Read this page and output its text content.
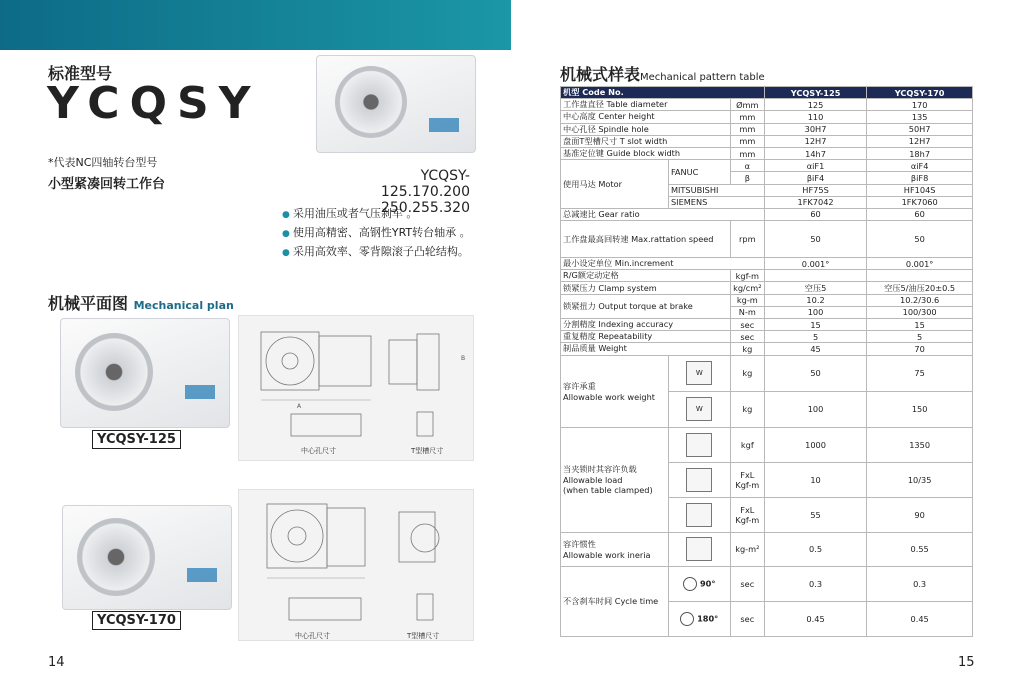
标准型号
YCQSY
*代表NC四轴转台型号
小型紧凑回转工作台
YCQSY-125.170.200
250.255.320
● 采用油压或者气压刹车 。
● 使用高精密、高钢性YRT转台轴承 。
● 采用高效率、零背隙滚子凸轮结构。
机械平面图 Mechanical plan
YCQSY-125
A
B
中心孔尺寸	T型槽尺寸
YCQSY-170
中心孔尺寸	T型槽尺寸
14
机械式样表Mechanical pattern table
机型 Code No.			YCQSY-125	YCQSY-170
工作盘直径 Table diameter		Ømm	125	170
中心高度 Center height		mm	110	135
中心孔径 Spindle hole		mm	30H7	50H7
盘面T型槽尺寸 T slot width		mm	12H7	12H7
基准定位键 Guide block width		mm	14h7	18h7
使用马达 Motor	FANUC	α	αiF1	αiF4
		β	βiF4	βiF8
	MITSUBISHI		HF75S	HF104S
	SIEMENS		1FK7042	1FK7060
总减速比 Gear ratio			60	60
工作盘最高回转速 Max.rattation speed		rpm	50	50
最小设定单位 Min.increment			0.001°	0.001°
R/G额定动定格		kgf-m		
锁紧压力 Clamp system		kg/cm²	空压5	空压5/油压20±0.5
锁紧扭力 Output torque at brake		kg-m	10.2	10.2/30.6
		N-m	100	100/300
分割精度 Indexing accuracy		sec	15	15
重复精度 Repeatability		sec	5	5
制品质量 Weight		kg	45	70

容许承重
Allowable work weight	W	kg	50	75
	W	kg	100	150

当夹锁时其容许负载
Allowable load
(when table clamped)		kgf	1000	1350

		FxL
Kgf-m	10	10/35

		FxL
Kgf-m	55	90

容许惯性
Allowable work ineria		kg-m²	0.5	0.55
不含刹车时间 Cycle time	90°	sec	0.3	0.3
	180°	sec	0.45	0.45
15
